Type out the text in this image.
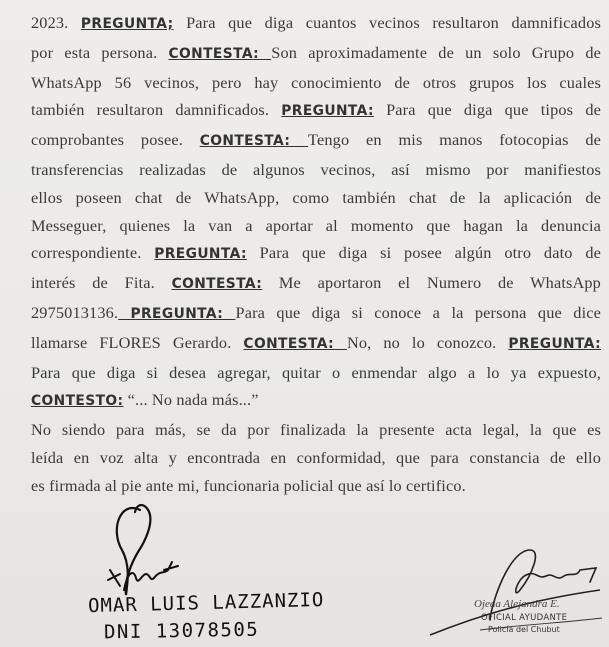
2023. PREGUNTA; Para que diga cuantos vecinos resultaron damnificados
por esta persona. CONTESTA: Son aproximadamente de un solo Grupo de
WhatsApp 56 vecinos, pero hay conocimiento de otros grupos los cuales
también resultaron damnificados. PREGUNTA: Para que diga que tipos de
comprobantes posee. CONTESTA: Tengo en mis manos fotocopias de
transferencias realizadas de algunos vecinos, así mismo por manifiestos
ellos poseen chat de WhatsApp, como también chat de la aplicación de
Messeguer, quienes la van a aportar al momento que hagan la denuncia
correspondiente. PREGUNTA: Para que diga si posee algún otro dato de
interés de Fita. CONTESTA: Me aportaron el Numero de WhatsApp
2975013136. PREGUNTA: Para que diga si conoce a la persona que dice
llamarse FLORES Gerardo. CONTESTA: No, no lo conozco. PREGUNTA:
Para que diga si desea agregar, quitar o enmendar algo a lo ya expuesto,
CONTESTO: “... No nada más...”
No siendo para más, se da por finalizada la presente acta legal, la que es
leída en voz alta y encontrada en conformidad, que para constancia de ello
es firmada al pie ante mi, funcionaria policial que así lo certifico.
OMAR LUIS LAZZANZIO
DNI 13078505
Ojeda Alejandra E.
OFICIAL AYUDANTE
Policía del Chubut
